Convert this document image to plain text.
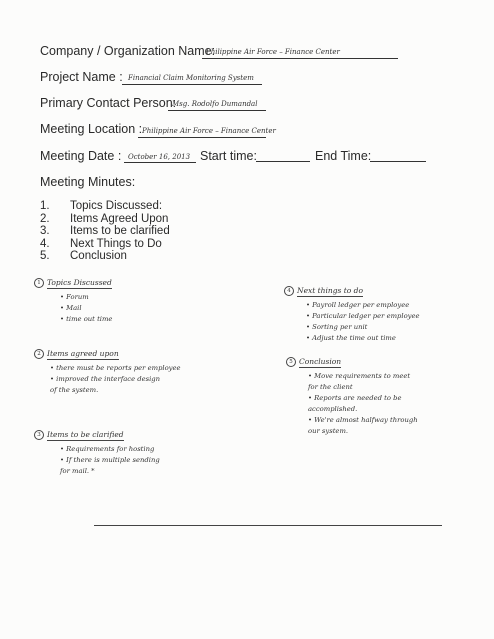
Company / Organization Name:
Philippine Air Force – Finance Center
Project Name : Financial Claim Monitoring System
Primary Contact Person:
Msg. Rodolfo Dumandal
Meeting Location : Philippine Air Force – Finance Center
Meeting Date : October 16, 2013 Start time:	End Time:
Meeting Minutes:
1.	Topics Discussed:
2.	Items Agreed Upon
3.	Items to be clarified
4.	Next Things to Do
5.	Conclusion
1 Topics Discussed
• Forum
• Mail
• time out time
2 Items agreed upon
• there must be reports per employee
• improved the interface design
of the system.
3 Items to be clarified
• Requirements for hosting
• If there is multiple sending
for mail. *
4 Next things to do
• Payroll ledger per employee
• Particular ledger per employee
• Sorting per unit
• Adjust the time out time
5 Conclusion
• Move requirements to meet
for the client
• Reports are needed to be
accomplished.
• We're almost halfway through
our system.
